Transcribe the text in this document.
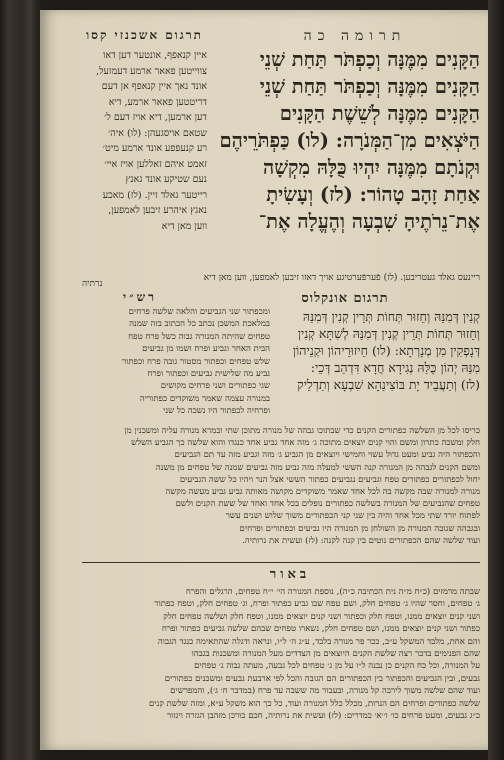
תרגום אשכנזי קסו	תרומה כה
הַקָּנִים מִמֶּנָּה וְכַפְתֹּר תַּחַת שְׁנֵי
הַקָּנִים מִמֶּנָּה וְכַפְתֹּר תַּחַת שְׁנֵי
הַקָּנִים מִמֶּנָּה לְשֵׁשֶׁת הַקָּנִים
הַיֹּצְאִים מִן־הַמְּנֹרָה: (לו) כַּפְתֹּרֵיהֶם
וּקְנֹתָם מִמֶּנָּה יִהְיוּ כֻּלָּהּ מִקְשָׁה
אַחַת זָהָב טָהוֹר: (לז) וְעָשִׂיתָ
אֶת־נֵרֹתֶיהָ שִׁבְעָה וְהֶעֱלָה אֶת־
איין קנאפף, אונטער דען דאו
צווייטען פאאר ארמע דעמזעל,
אונד נאך איין קנאפף אן דעם
דריטטען פאאר ארמע, דיא
דען ארמען, דיא אויז דעם ל׳
שטאם אויסגעהן: (לו) איה׳
רע קנעפפע אונד ארמע מיט׳
זאמט איהם זאללען אויז איי׳
נעם שטיקע אונד גאנץ
רייטער גאלד זיין. (לז) מאכע
נאגץ איהרע זיבען לאמפען,
ווען מאן דיא
ריינעס גאלד געטריבען. (לז) פֿערפֿערטיגע אויך דאזו זיבען לאמפען, ווען מאן דיא
תרגום אונקלוס
קְנִין דְּמִנַּהּ וְחֵזוּר תְּחוֹת תְּרֵין קְנִין דְּמִנַּהּ
וְחֵזוּר תְּחוֹת תְּרֵין קְנִין דְּמִנַּהּ לְשִׁתָּא קְנִין
דְּנָפְקִין מִן מְנָרְתָא: (לו) חֵיזוּרֵיהוֹן וּקְנֵיהוֹן
מִנַּהּ יְהוֹן כֻּלַּהּ נְגִידָא חֲדָא דִּדְהַב דְּכֵי:
(לז) וְתַעֲבֵיד יָת בּוֹצִינַהָא שִׁבְעָא וְתַדְלֵיק
רש״י
ומכפתור שני הגביעים והלאה שלשה פרחים
במלאכת המשכן נכתב כל הכתוב בזה שמנה
טפחים שהיתה המנורה גבוה כשל פרח טפח
הבית האחר וגביע ופרח ושמו מן גביעים
שלש טפחים וכפתור מסטור גובה פרח וכפתור
גביע מה שלישית גביעים וכפתור ופרח
שגי כפתורים ושני פרחים מקושים
במנורה עצמה שאמר משוקדים כפתוריה
ופרחיה לכפתור היו נשכה כל שני
כריסו לכל מן השלשה כפתורים הקנים כדי שבתוכו גבהה של מנורה מתוכן שתי וכמרא מנורה עליה ומשכנין מן
חלק ומשכה כתרון ומשם והוי קנים יוצאים מתוכה ג׳ מזה אחד גביע אחד כנגדו והוא שלשה כך הגביע השלש
והכפתור היה גביע ומעט גדול עשוי וחמישי ויוצאים מן הגביע ג׳ מזה וגביע מזה עד תם הגביעים
ומשם הקנים לגבהה מן המנורה קנה הששי למעלה מזה גביע מזה גביעים שמנה של טפחים מן משנה
יחול לכפתורים כפתורים טפח וגביעים נגביעים כפתור הששי אצל הנר ויהיו כל ששה הגביעים
מנורה למנורה שבה מקשה בה לכל אחד שאמר משוקדים מקושה מאותה גביע גביע מעשה מקשה
טפחים שהגביעים של המנורה בשלשה כפתורים נופלים בכל אחד ואחד של ששת הקנים ולשם
לפתוח יורד שתי מכל אחד והיה בין שני קני הכפתורים משוך שלוש ושנים עשר
ובגבהה שגובה המנורה מן השולחן מן המנורה היו גביעים וכפתורים ופרחים
ועוד שלשה שהם הכפתורים נוטים בין קנה לקנה: (לז) ועשית את נרותיה.
באור
שבתה מרמזים (כ״ח מ״ה נית הכתיבה כ״ה), נוספת המנורה הי׳ י״ח טפחים, הרגלים והפרח
ג׳ טפחים, וחסר שהיו ג׳ טפחים חלק, ושם טפח שבו גביע כפתור ופרח, וג׳ טפחים חלק, וטפח כפתור
ושני קנים יוצאים ממנו, וטפח חלק וכפתור ושני קנים יוצאים ממנו, וטפח חלק ושלשה טפחים חלק
כפתור ושני קנים יוצאים ממנו, ושם טפחים חלק, נשארו טפחים שבהם שלשה גביעים כפתור ופרח
והם אחת, מלבד המשקל ע״ב, ככר פר מנורה בלבד, ע״ג ה׳ ל״ו, ונראה ודגלה שהתאימה כנגד הגבוה
שהם הפנימים בדבר רצה שלשת הקנים היוצאים מן הצדדים מעל המנורה ומשכנות בגבהו
על המנורה, וכל כח הקנים כן נבנה ל״ו על מן ג׳ טפחים לכל גבעה, מעתה גבוה ג׳ טפחים
גבעים, ובין הגביעים והכפתור בין הכפתורים הם הגובה והכל לפי ארבעת גבעים ומשכנים כפתורים
ועוד שהם שלשה משוך לירבה קל מנורה, ובעבור מה ששבה עד פרח (במדבר ח׳ ג׳), והמפרשים
שלשה כפתורים ופרחים הם הנרות, מכלל כלל המנורה ועוד, כל כך הוא משקל ע״א, ומזה שלשת קנים
כ״ג גבעים, ומעט פרחים כו׳ ו׳׳א׳ כמדרים: (לז) ועשית את נרותיה, חכם כורכן מזהבן הגזרה ויגזור
נרתיה
